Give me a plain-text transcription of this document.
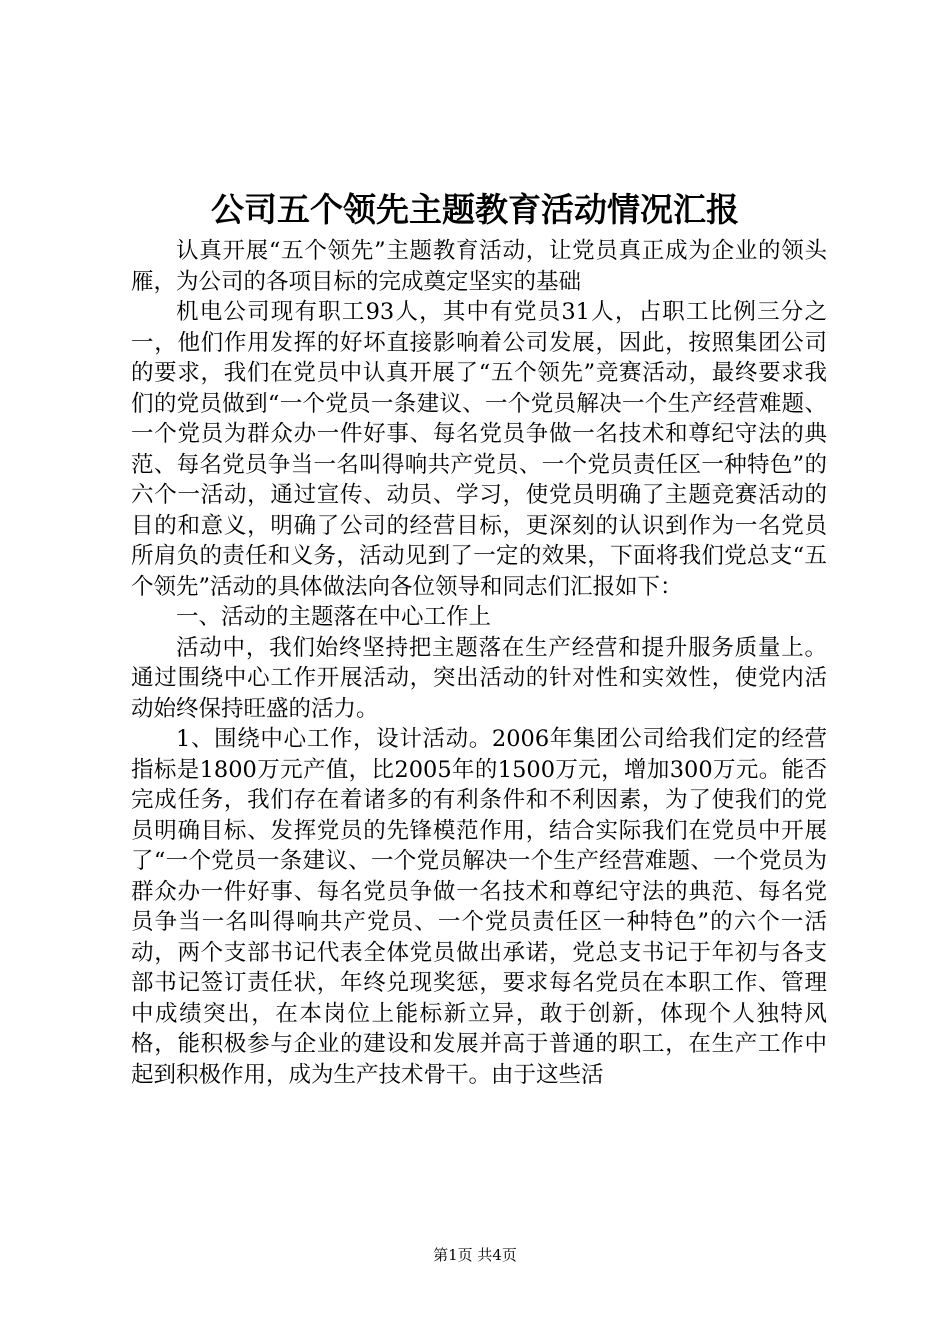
公司五个领先主题教育活动情况汇报

认真开展“五个领先”主题教育活动，让党员真正成为企业的领头雁，为公司的各项目标的完成奠定坚实的基础

机电公司现有职工93人，其中有党员31人，占职工比例三分之一，他们作用发挥的好坏直接影响着公司发展，因此，按照集团公司的要求，我们在党员中认真开展了“五个领先”竞赛活动，最终要求我们的党员做到“一个党员一条建议、一个党员解决一个生产经营难题、一个党员为群众办一件好事、每名党员争做一名技术和尊纪守法的典范、每名党员争当一名叫得响共产党员、一个党员责任区一种特色”的六个一活动，通过宣传、动员、学习，使党员明确了主题竞赛活动的目的和意义，明确了公司的经营目标，更深刻的认识到作为一名党员所肩负的责任和义务，活动见到了一定的效果，下面将我们党总支“五个领先”活动的具体做法向各位领导和同志们汇报如下：

一、活动的主题落在中心工作上

活动中，我们始终坚持把主题落在生产经营和提升服务质量上。通过围绕中心工作开展活动，突出活动的针对性和实效性，使党内活动始终保持旺盛的活力。

1、围绕中心工作，设计活动。2006年集团公司给我们定的经营指标是1800万元产值，比2005年的1500万元，增加300万元。能否完成任务，我们存在着诸多的有利条件和不利因素，为了使我们的党员明确目标、发挥党员的先锋模范作用，结合实际我们在党员中开展了“一个党员一条建议、一个党员解决一个生产经营难题、一个党员为群众办一件好事、每名党员争做一名技术和尊纪守法的典范、每名党员争当一名叫得响共产党员、一个党员责任区一种特色”的六个一活动，两个支部书记代表全体党员做出承诺，党总支书记于年初与各支部书记签订责任状，年终兑现奖惩，要求每名党员在本职工作、管理中成绩突出，在本岗位上能标新立异，敢于创新，体现个人独特风格，能积极参与企业的建设和发展并高于普通的职工，在生产工作中起到积极作用，成为生产技术骨干。由于这些活

第1页 共4页
